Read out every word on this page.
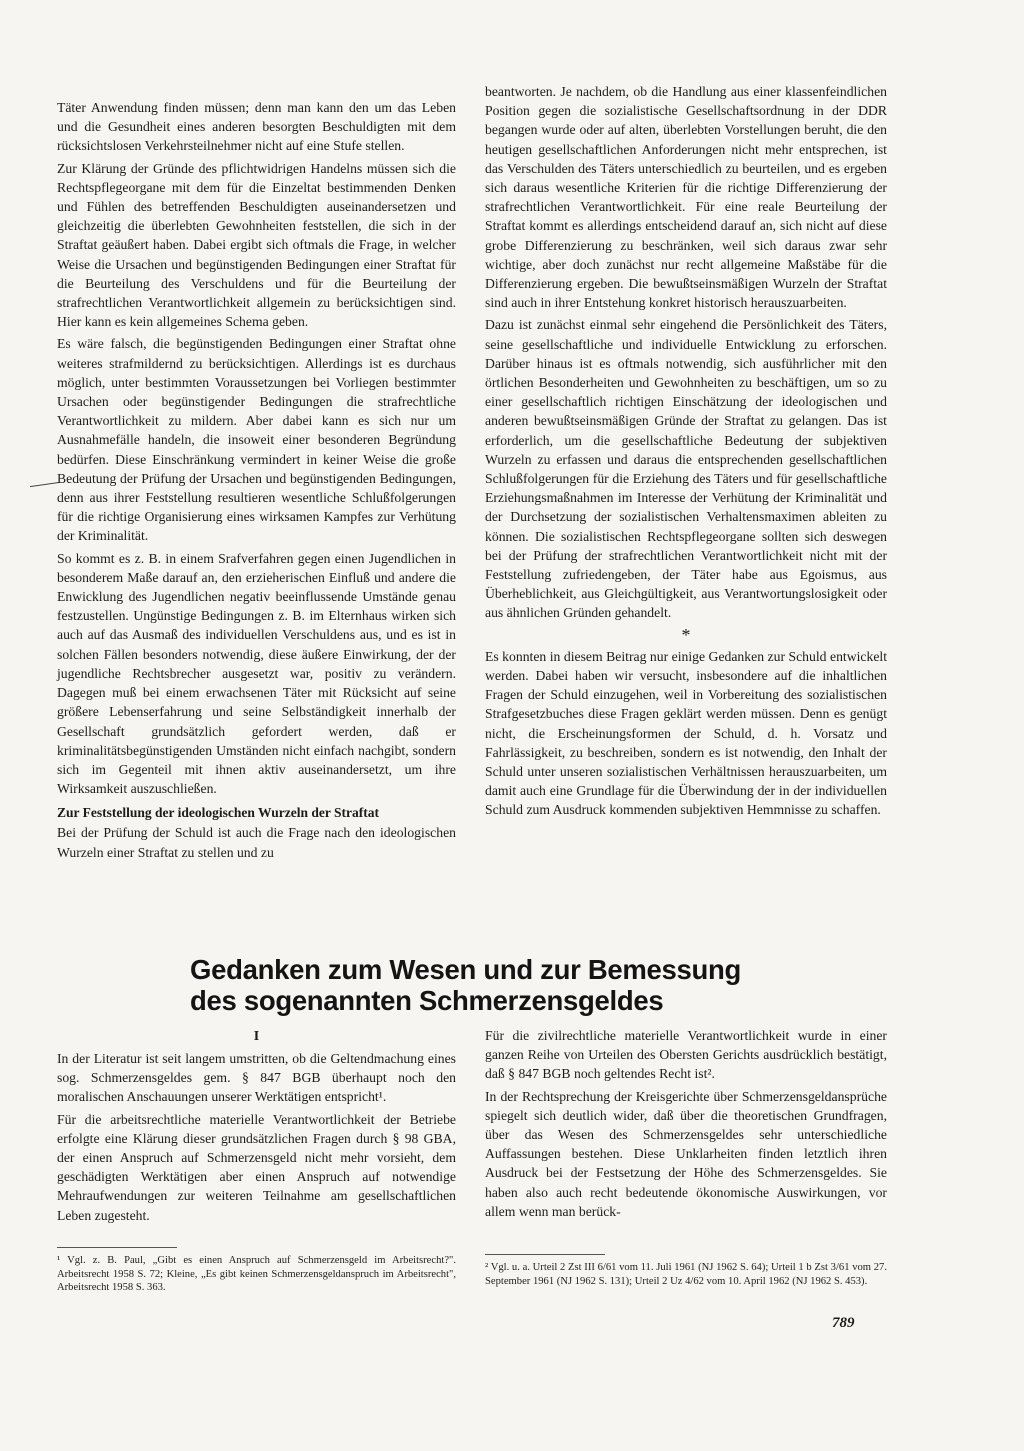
Täter Anwendung finden müssen; denn man kann den um das Leben und die Gesundheit eines anderen besorgten Beschuldigten mit dem rücksichtslosen Verkehrsteilnehmer nicht auf eine Stufe stellen.

Zur Klärung der Gründe des pflichtwidrigen Handelns müssen sich die Rechtspflegeorgane mit dem für die Einzeltat bestimmenden Denken und Fühlen des betreffenden Beschuldigten auseinandersetzen und gleichzeitig die überlebten Gewohnheiten feststellen, die sich in der Straftat geäußert haben. Dabei ergibt sich oftmals die Frage, in welcher Weise die Ursachen und begünstigenden Bedingungen einer Straftat für die Beurteilung des Verschuldens und für die Beurteilung der strafrechtlichen Verantwortlichkeit allgemein zu berücksichtigen sind. Hier kann es kein allgemeines Schema geben.

Es wäre falsch, die begünstigenden Bedingungen einer Straftat ohne weiteres strafmildernd zu berücksichtigen. Allerdings ist es durchaus möglich, unter bestimmten Voraussetzungen bei Vorliegen bestimmter Ursachen oder begünstigender Bedingungen die strafrechtliche Verantwortlichkeit zu mildern. Aber dabei kann es sich nur um Ausnahmefälle handeln, die insoweit einer besonderen Begründung bedürfen. Diese Einschränkung vermindert in keiner Weise die große Bedeutung der Prüfung der Ursachen und begünstigenden Bedingungen, denn aus ihrer Feststellung resultieren wesentliche Schlußfolgerungen für die richtige Organisierung eines wirksamen Kampfes zur Verhütung der Kriminalität.

So kommt es z. B. in einem Srafverfahren gegen einen Jugendlichen in besonderem Maße darauf an, den erzieherischen Einfluß und andere die Enwicklung des Jugendlichen negativ beeinflussende Umstände genau festzustellen. Ungünstige Bedingungen z. B. im Elternhaus wirken sich auch auf das Ausmaß des individuellen Verschuldens aus, und es ist in solchen Fällen besonders notwendig, diese äußere Einwirkung, der der jugendliche Rechtsbrecher ausgesetzt war, positiv zu verändern. Dagegen muß bei einem erwachsenen Täter mit Rücksicht auf seine größere Lebenserfahrung und seine Selbständigkeit innerhalb der Gesellschaft grundsätzlich gefordert werden, daß er kriminalitätsbegünstigenden Umständen nicht einfach nachgibt, sondern sich im Gegenteil mit ihnen aktiv auseinandersetzt, um ihre Wirksamkeit auszuschließen.

Zur Feststellung der ideologischen Wurzeln der Straftat

Bei der Prüfung der Schuld ist auch die Frage nach den ideologischen Wurzeln einer Straftat zu stellen und zu

beantworten. Je nachdem, ob die Handlung aus einer klassenfeindlichen Position gegen die sozialistische Gesellschaftsordnung in der DDR begangen wurde oder auf alten, überlebten Vorstellungen beruht, die den heutigen gesellschaftlichen Anforderungen nicht mehr entsprechen, ist das Verschulden des Täters unterschiedlich zu beurteilen, und es ergeben sich daraus wesentliche Kriterien für die richtige Differenzierung der strafrechtlichen Verantwortlichkeit. Für eine reale Beurteilung der Straftat kommt es allerdings entscheidend darauf an, sich nicht auf diese grobe Differenzierung zu beschränken, weil sich daraus zwar sehr wichtige, aber doch zunächst nur recht allgemeine Maßstäbe für die Differenzierung ergeben. Die bewußtseinsmäßigen Wurzeln der Straftat sind auch in ihrer Entstehung konkret historisch herauszuarbeiten.

Dazu ist zunächst einmal sehr eingehend die Persönlichkeit des Täters, seine gesellschaftliche und individuelle Entwicklung zu erforschen. Darüber hinaus ist es oftmals notwendig, sich ausführlicher mit den örtlichen Besonderheiten und Gewohnheiten zu beschäftigen, um so zu einer gesellschaftlich richtigen Einschätzung der ideologischen und anderen bewußtseinsmäßigen Gründe der Straftat zu gelangen. Das ist erforderlich, um die gesellschaftliche Bedeutung der subjektiven Wurzeln zu erfassen und daraus die entsprechenden gesellschaftlichen Schlußfolgerungen für die Erziehung des Täters und für gesellschaftliche Erziehungsmaßnahmen im Interesse der Verhütung der Kriminalität und der Durchsetzung der sozialistischen Verhaltensmaximen ableiten zu können. Die sozialistischen Rechtspflegeorgane sollten sich deswegen bei der Prüfung der strafrechtlichen Verantwortlichkeit nicht mit der Feststellung zufriedengeben, der Täter habe aus Egoismus, aus Überheblichkeit, aus Gleichgültigkeit, aus Verantwortungslosigkeit oder aus ähnlichen Gründen gehandelt.

*

Es konnten in diesem Beitrag nur einige Gedanken zur Schuld entwickelt werden. Dabei haben wir versucht, insbesondere auf die inhaltlichen Fragen der Schuld einzugehen, weil in Vorbereitung des sozialistischen Strafgesetzbuches diese Fragen geklärt werden müssen. Denn es genügt nicht, die Erscheinungsformen der Schuld, d. h. Vorsatz und Fahrlässigkeit, zu beschreiben, sondern es ist notwendig, den Inhalt der Schuld unter unseren sozialistischen Verhältnissen herauszuarbeiten, um damit auch eine Grundlage für die Überwindung der in der individuellen Schuld zum Ausdruck kommenden subjektiven Hemmnisse zu schaffen.

Gedanken zum Wesen und zur Bemessung
des sogenannten Schmerzensgeldes

I

In der Literatur ist seit langem umstritten, ob die Geltendmachung eines sog. Schmerzensgeldes gem. § 847 BGB überhaupt noch den moralischen Anschauungen unserer Werktätigen entspricht¹.

Für die arbeitsrechtliche materielle Verantwortlichkeit der Betriebe erfolgte eine Klärung dieser grundsätzlichen Fragen durch § 98 GBA, der einen Anspruch auf Schmerzensgeld nicht mehr vorsieht, dem geschädigten Werktätigen aber einen Anspruch auf notwendige Mehraufwendungen zur weiteren Teilnahme am gesellschaftlichen Leben zugesteht.

Für die zivilrechtliche materielle Verantwortlichkeit wurde in einer ganzen Reihe von Urteilen des Obersten Gerichts ausdrücklich bestätigt, daß § 847 BGB noch geltendes Recht ist².

In der Rechtsprechung der Kreisgerichte über Schmerzensgeldansprüche spiegelt sich deutlich wider, daß über die theoretischen Grundfragen, über das Wesen des Schmerzensgeldes sehr unterschiedliche Auffassungen bestehen. Diese Unklarheiten finden letztlich ihren Ausdruck bei der Festsetzung der Höhe des Schmerzensgeldes. Sie haben also auch recht bedeutende ökonomische Auswirkungen, vor allem wenn man berück-

¹ Vgl. z. B. Paul, „Gibt es einen Anspruch auf Schmerzensgeld im Arbeitsrecht?". Arbeitsrecht 1958 S. 72; Kleine, „Es gibt keinen Schmerzensgeldanspruch im Arbeitsrecht", Arbeitsrecht 1958 S. 363.

² Vgl. u. a. Urteil 2 Zst III 6/61 vom 11. Juli 1961 (NJ 1962 S. 64); Urteil 1 b Zst 3/61 vom 27. September 1961 (NJ 1962 S. 131); Urteil 2 Uz 4/62 vom 10. April 1962 (NJ 1962 S. 453).

789
